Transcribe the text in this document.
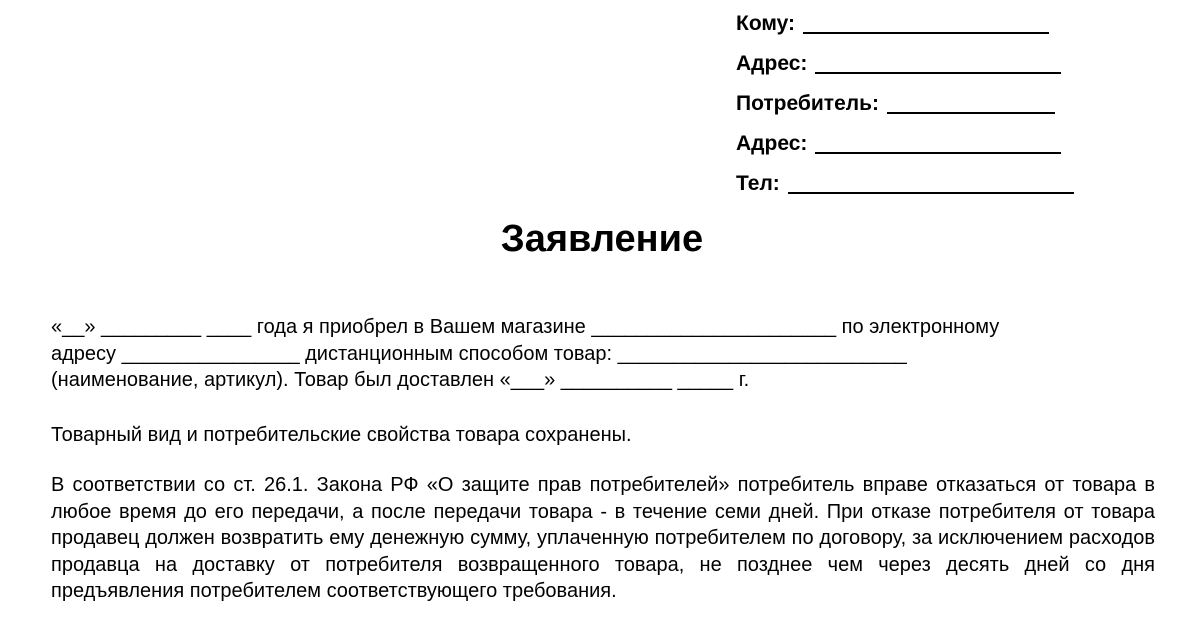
Кому:
Адрес:
Потребитель:
Адрес:
Тел:
Заявление
«__» _________ ____ года я приобрел в Вашем магазине ______________________ по электронному
адресу ________________ дистанционным способом товар: __________________________
(наименование, артикул). Товар был доставлен «___» __________ _____ г.

Товарный вид и потребительские свойства товара сохранены.

В соответствии со ст. 26.1. Закона РФ «О защите прав потребителей» потребитель вправе отказаться от товара в любое время до его передачи, а после передачи товара - в течение семи дней. При отказе потребителя от товара продавец должен возвратить ему денежную сумму, уплаченную потребителем по договору, за исключением расходов продавца на доставку от потребителя возвращенного товара, не позднее чем через десять дней со дня предъявления потребителем соответствующего требования.
